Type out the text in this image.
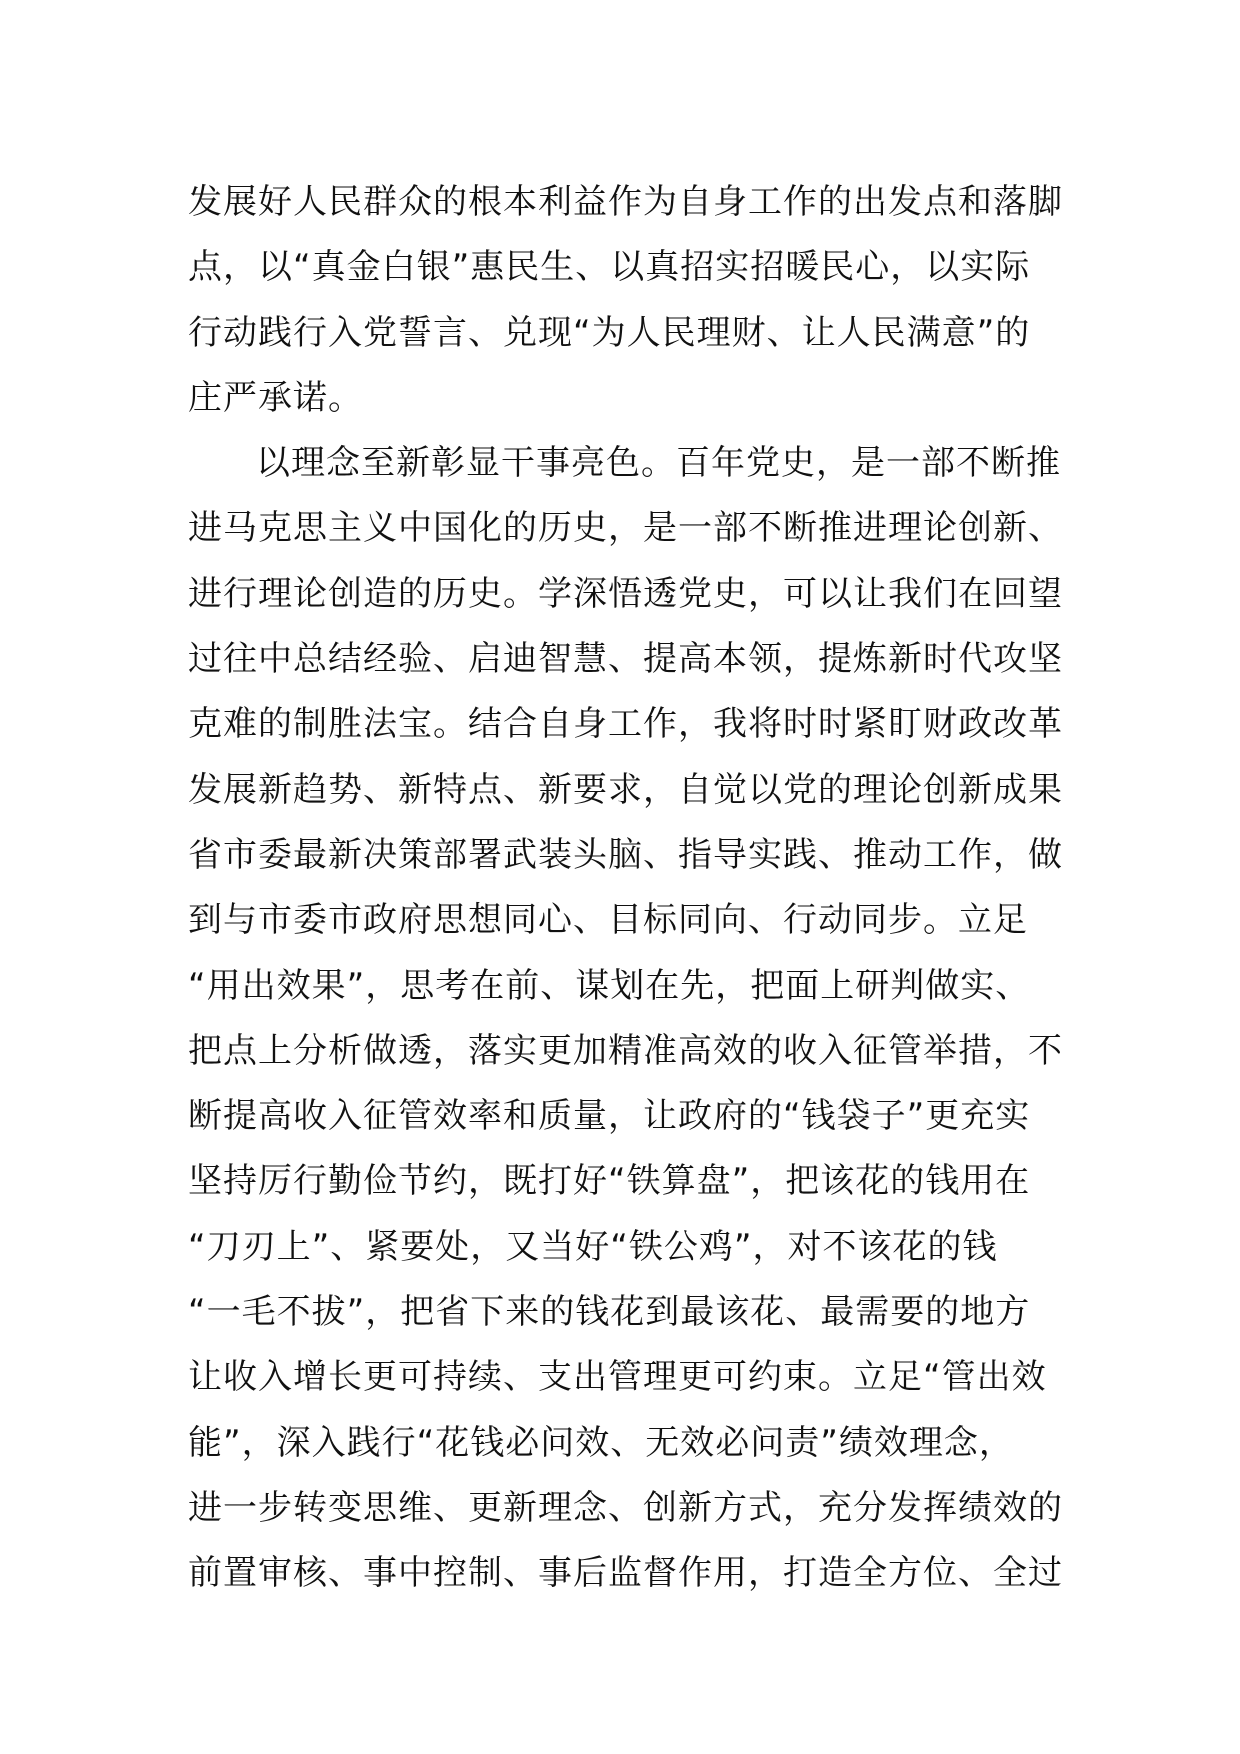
发展好人民群众的根本利益作为自身工作的出发点和落脚
点，以“真金白银”惠民生、以真招实招暖民心，以实际
行动践行入党誓言、兑现“为人民理财、让人民满意”的
庄严承诺。
以理念至新彰显干事亮色。百年党史，是一部不断推
进马克思主义中国化的历史，是一部不断推进理论创新、
进行理论创造的历史。学深悟透党史，可以让我们在回望
过往中总结经验、启迪智慧、提高本领，提炼新时代攻坚
克难的制胜法宝。结合自身工作，我将时时紧盯财政改革
发展新趋势、新特点、新要求，自觉以党的理论创新成果
省市委最新决策部署武装头脑、指导实践、推动工作，做
到与市委市政府思想同心、目标同向、行动同步。立足
“用出效果”，思考在前、谋划在先，把面上研判做实、
把点上分析做透，落实更加精准高效的收入征管举措，不
断提高收入征管效率和质量，让政府的“钱袋子”更充实
坚持厉行勤俭节约，既打好“铁算盘”，把该花的钱用在
“刀刃上”、紧要处，又当好“铁公鸡”，对不该花的钱
“一毛不拔”，把省下来的钱花到最该花、最需要的地方
让收入增长更可持续、支出管理更可约束。立足“管出效
能”，深入践行“花钱必问效、无效必问责”绩效理念，
进一步转变思维、更新理念、创新方式，充分发挥绩效的
前置审核、事中控制、事后监督作用，打造全方位、全过
